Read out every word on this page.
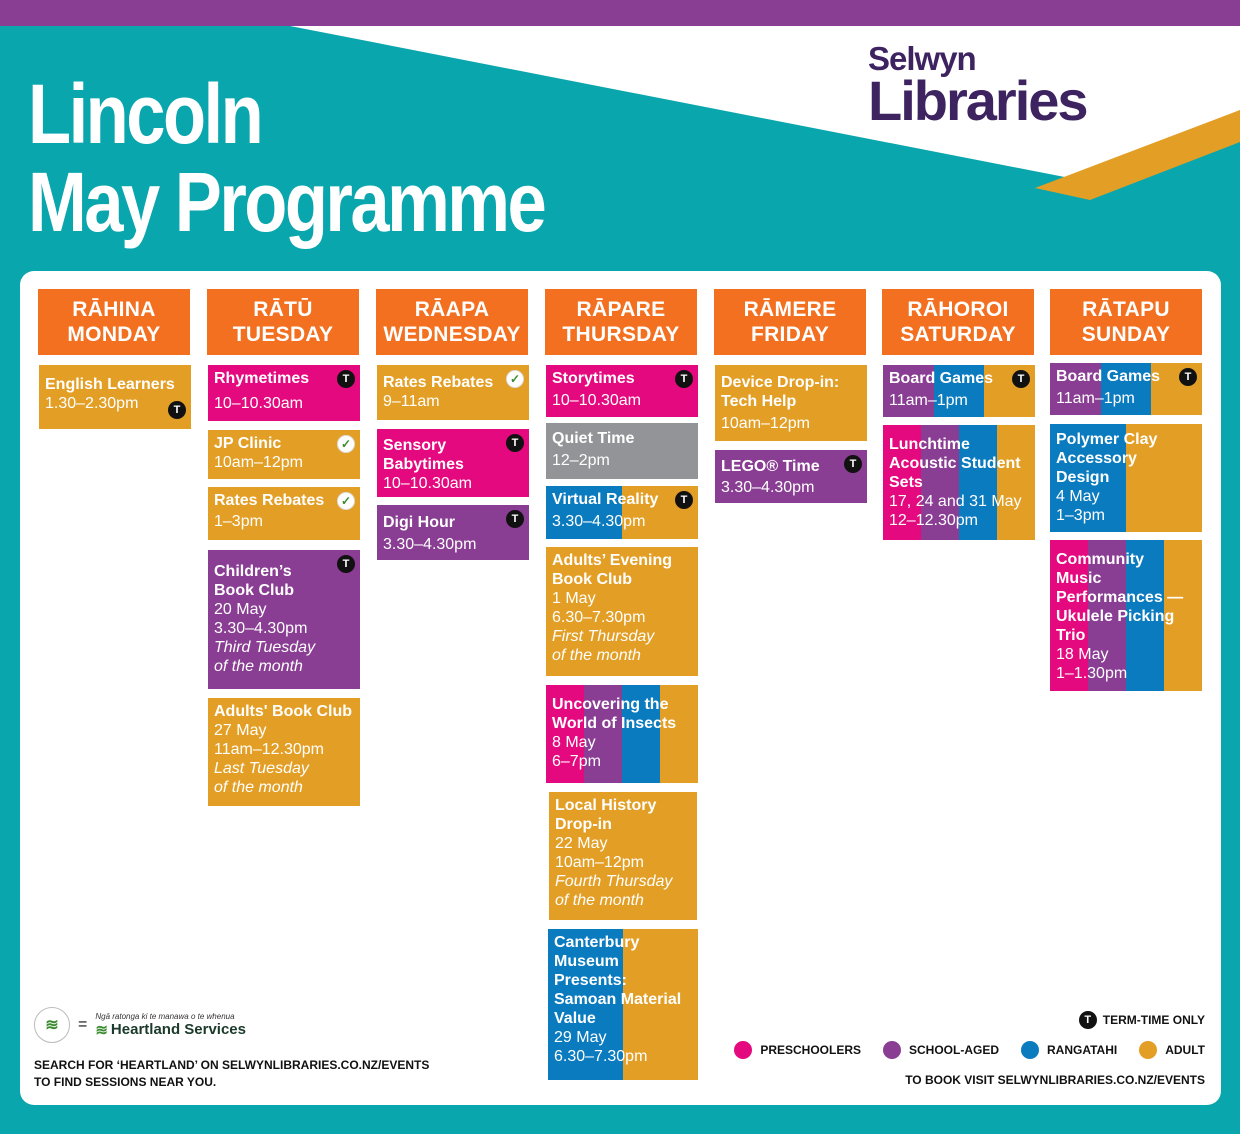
Lincoln
May Programme
Selwyn
Libraries
RĀHINA
MONDAY
RĀTŪ
TUESDAY
RĀAPA
WEDNESDAY
RĀPARE
THURSDAY
RĀMERE
FRIDAY
RĀHOROI
SATURDAY
RĀTAPU
SUNDAY
English Learners
1.30–2.30pm	T
Rhymetimes
10–10.30am
T
JP Clinic
10am–12pm
✓
Rates Rebates
1–3pm
✓
Children’s
Book Club
20 May
3.30–4.30pm
Third Tuesday
of the month
T
Adults' Book Club
27 May
11am–12.30pm
Last Tuesday
of the month
Rates Rebates
9–11am
✓
Sensory
Babytimes
10–10.30am
T
Digi Hour
3.30–4.30pm
T
Storytimes
10–10.30am
T
Quiet Time
12–2pm
Virtual Reality
3.30–4.30pm
T
Adults’ Evening
Book Club
1 May
6.30–7.30pm
First Thursday
of the month
Uncovering the
World of Insects
8 May
6–7pm
Local History
Drop-in
22 May
10am–12pm
Fourth Thursday
of the month
Canterbury
Museum
Presents:
Samoan Material
Value
29 May
6.30–7.30pm
Device Drop-in:
Tech Help
10am–12pm
LEGO® Time
3.30–4.30pm
T
Board Games
11am–1pm
T
Lunchtime
Acoustic Student
Sets
17, 24 and 31 May
12–12.30pm
Board Games
11am–1pm
T
Polymer Clay
Accessory
Design
4 May
1–3pm
Community
Music
Performances —
Ukulele Picking
Trio
18 May
1–1.30pm
≋	= Ngā ratonga ki te manawa o te whenua
≋ Heartland Services
SEARCH FOR ‘HEARTLAND’ ON SELWYNLIBRARIES.CO.NZ/EVENTS
TO FIND SESSIONS NEAR YOU.
T TERM-TIME ONLY
PRESCHOOLERS	SCHOOL-AGED	RANGATAHI	ADULT
TO BOOK VISIT SELWYNLIBRARIES.CO.NZ/EVENTS
